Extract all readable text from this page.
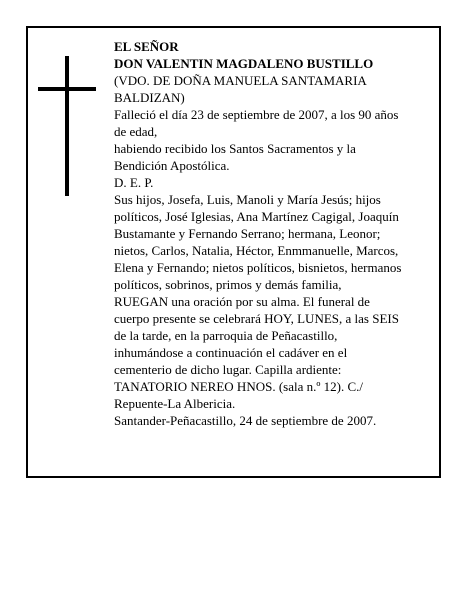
EL SEÑOR
DON VALENTIN MAGDALENO BUSTILLO
(VDO. DE DOÑA MANUELA SANTAMARIA
BALDIZAN)
Falleció el día 23 de septiembre de 2007, a los 90 años
de edad,
habiendo recibido los Santos Sacramentos y la
Bendición Apostólica.
D. E. P.
Sus hijos, Josefa, Luis, Manoli y María Jesús; hijos
políticos, José Iglesias, Ana Martínez Cagigal, Joaquín
Bustamante y Fernando Serrano; hermana, Leonor;
nietos, Carlos, Natalia, Héctor, Enmmanuelle, Marcos,
Elena y Fernando; nietos políticos, bisnietos, hermanos
políticos, sobrinos, primos y demás familia,
RUEGAN una oración por su alma. El funeral de
cuerpo presente se celebrará HOY, LUNES, a las SEIS
de la tarde, en la parroquia de Peñacastillo,
inhumándose a continuación el cadáver en el
cementerio de dicho lugar. Capilla ardiente:
TANATORIO NEREO HNOS. (sala n.º 12). C./
Repuente-La Albericia.
Santander-Peñacastillo, 24 de septiembre de 2007.
